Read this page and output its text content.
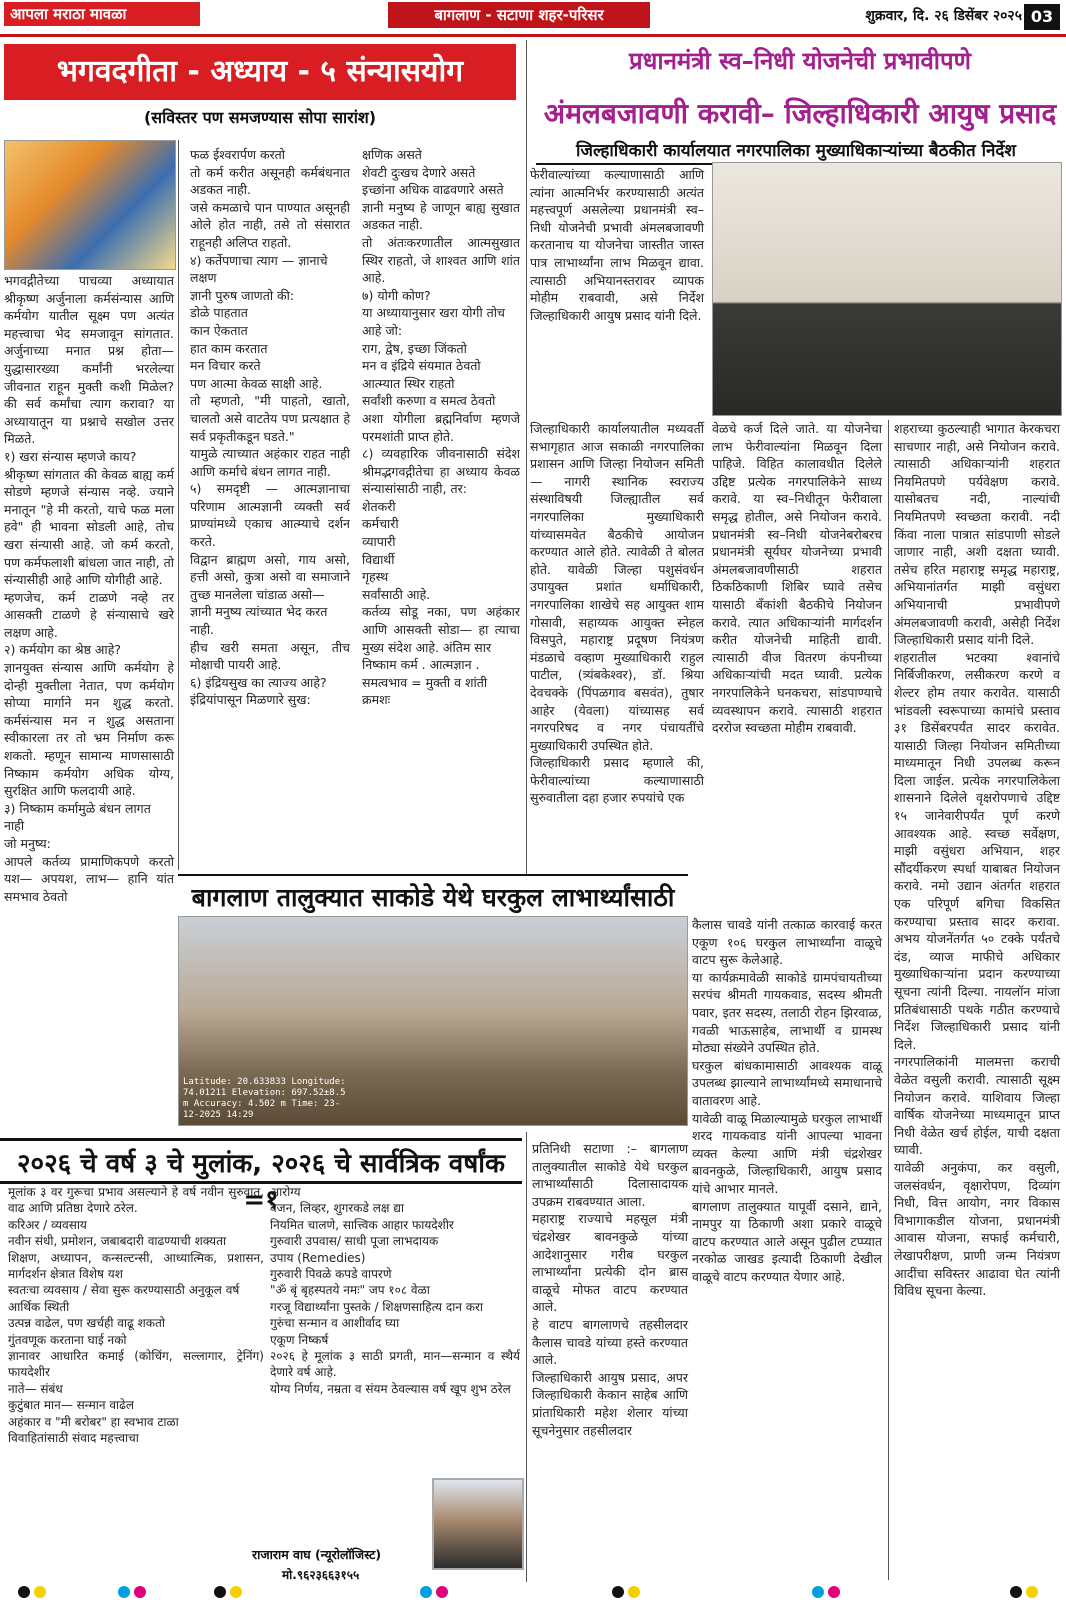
आपला मराठा मावळा	बागलाण - सटाणा शहर-परिसर	शुक्रवार, दि. २६ डिसेंबर २०२५ 03
भगवदगीता - अध्याय - ५ संन्यासयोग
(सविस्तर पण समजण्यास सोपा सारांश)

भगवद्गीतेच्या पाचव्या अध्यायात श्रीकृष्ण अर्जुनाला कर्मसंन्यास आणि कर्मयोग यातील सूक्ष्म पण अत्यंत महत्त्वाचा भेद समजावून सांगतात. अर्जुनाच्या मनात प्रश्न होता— युद्धासारख्या कर्मांनी भरलेल्या जीवनात राहून मुक्ती कशी मिळेल? की सर्व कर्मांचा त्याग करावा? या अध्यायातून या प्रश्नाचे सखोल उत्तर मिळते.

१) खरा संन्यास म्हणजे काय?

श्रीकृष्ण सांगतात की केवळ बाह्य कर्म सोडणे म्हणजे संन्यास नव्हे. ज्याने मनातून "हे मी करतो, याचे फळ मला हवे" ही भावना सोडली आहे, तोच खरा संन्यासी आहे. जो कर्म करतो, पण कर्मफलाशी बांधला जात नाही, तो संन्यासीही आहे आणि योगीही आहे.

म्हणजेच, कर्म टाळणे नव्हे तर आसक्ती टाळणे हे संन्यासाचे खरे लक्षण आहे.

२) कर्मयोग का श्रेष्ठ आहे?

ज्ञानयुक्त संन्यास आणि कर्मयोग हे दोन्ही मुक्तीला नेतात, पण कर्मयोग सोप्या मार्गाने मन शुद्ध करतो. कर्मसंन्यास मन न शुद्ध असताना स्वीकारला तर तो भ्रम निर्माण करू शकतो. म्हणून सामान्य माणसासाठी निष्काम कर्मयोग अधिक योग्य, सुरक्षित आणि फलदायी आहे.

३) निष्काम कर्मामुळे बंधन लागत नाही

जो मनुष्य:

आपले कर्तव्य प्रामाणिकपणे करतो यश— अपयश, लाभ— हानि यांत समभाव ठेवतो

फळ ईश्वरार्पण करतो

तो कर्म करीत असूनही कर्मबंधनात अडकत नाही.

जसे कमळाचे पान पाण्यात असूनही ओले होत नाही, तसे तो संसारात राहूनही अलिप्त राहतो.

४) कर्तेपणाचा त्याग — ज्ञानाचे लक्षण

ज्ञानी पुरुष जाणतो की:

डोळे पाहतात

कान ऐकतात

हात काम करतात

मन विचार करते

पण आत्मा केवळ साक्षी आहे.

तो म्हणतो, "मी पाहतो, खातो, चालतो असे वाटतेय पण प्रत्यक्षात हे सर्व प्रकृतीकडून घडते."

यामुळे त्याच्यात अहंकार राहत नाही आणि कर्माचे बंधन लागत नाही.

५) समदृष्टी — आत्मज्ञानाचा परिणाम आत्मज्ञानी व्यक्ती सर्व प्राण्यांमध्ये एकाच आत्म्याचे दर्शन करते.

विद्वान ब्राह्मण असो, गाय असो, हत्ती असो, कुत्रा असो वा समाजाने तुच्छ मानलेला चांडाळ असो—

ज्ञानी मनुष्य त्यांच्यात भेद करत नाही.

हीच खरी समता असून, तीच मोक्षाची पायरी आहे.

६) इंद्रियसुख का त्याज्य आहे?

इंद्रियांपासून मिळणारे सुख:

क्षणिक असते

शेवटी दुःखच देणारे असते

इच्छांना अधिक वाढवणारे असते

ज्ञानी मनुष्य हे जाणून बाह्य सुखात अडकत नाही.

तो अंतःकरणातील आत्मसुखात स्थिर राहतो, जे शाश्वत आणि शांत आहे.

७) योगी कोण?

या अध्यायानुसार खरा योगी तोच आहे जो:

राग, द्वेष, इच्छा जिंकतो

मन व इंद्रिये संयमात ठेवतो

आत्म्यात स्थिर राहतो

सर्वांशी करुणा व समत्व ठेवतो

अशा योगीला ब्रह्मनिर्वाण म्हणजे परमशांती प्राप्त होते.

८) व्यवहारिक जीवनासाठी संदेश श्रीमद्भगवद्गीतेचा हा अध्याय केवळ संन्यासांसाठी नाही, तर:

शेतकरी

कर्मचारी

व्यापारी

विद्यार्थी

गृहस्थ

सर्वांसाठी आहे.

कर्तव्य सोडू नका, पण अहंकार आणि आसक्ती सोडा— हा त्याचा मुख्य संदेश आहे. अंतिम सार

निष्काम कर्म . आत्मज्ञान . समत्वभाव = मुक्ती व शांती

क्रमशः

प्रधानमंत्री स्व–निधी योजनेची प्रभावीपणे
अंमलबजावणी करावी– जिल्हाधिकारी आयुष प्रसाद
जिल्हाधिकारी कार्यालयात नगरपालिका मुख्याधिकाऱ्यांच्या बैठकीत निर्देश

फेरीवाल्यांच्या कल्याणासाठी आणि त्यांना आत्मनिर्भर करण्यासाठी अत्यंत महत्त्वपूर्ण असलेल्या प्रधानमंत्री स्व–निधी योजनेची प्रभावी अंमलबजावणी करतानाच या योजनेचा जास्तीत जास्त पात्र लाभार्थ्यांना लाभ मिळवून द्यावा. त्यासाठी अभियानस्तरावर व्यापक मोहीम राबवावी, असे निर्देश जिल्हाधिकारी आयुष प्रसाद यांनी दिले.

जिल्हाधिकारी कार्यालयातील मध्यवर्ती सभागृहात आज सकाळी नगरपालिका प्रशासन आणि जिल्हा नियोजन समिती— नागरी स्थानिक स्वराज्य संस्थाविषयी जिल्ह्यातील सर्व नगरपालिका मुख्याधिकारी यांच्यासमवेत बैठकीचे आयोजन करण्यात आले होते. त्यावेळी ते बोलत होते. यावेळी जिल्हा पशुसंवर्धन उपायुक्त प्रशांत धर्माधिकारी, नगरपालिका शाखेचे सह आयुक्त शाम गोसावी, सहाय्यक आयुक्त स्नेहल विसपुते, महाराष्ट्र प्रदूषण नियंत्रण मंडळाचे वव्हाण मुख्याधिकारी राहुल पाटील, (त्र्यंबकेश्वर), डॉ. श्रिया देवचक्के (पिंपळगाव बसवंत), तुषार आहेर (येवला) यांच्यासह सर्व नगरपरिषद व नगर पंचायतींचे मुख्याधिकारी उपस्थित होते.

जिल्हाधिकारी प्रसाद म्हणाले की, फेरीवाल्यांच्या कल्याणासाठी सुरुवातीला दहा हजार रुपयांचे एक

वेळचे कर्ज दिले जाते. या योजनेचा लाभ फेरीवाल्यांना मिळवून दिला पाहिजे. विहित कालावधीत दिलेले उद्दिष्ट प्रत्येक नगरपालिकेने साध्य करावे. या स्व–निधीतून फेरीवाला समृद्ध होतील, असे नियोजन करावे. प्रधानमंत्री स्व–निधी योजनेबरोबरच प्रधानमंत्री सूर्यघर योजनेच्या प्रभावी अंमलबजावणीसाठी शहरात ठिकठिकाणी शिबिर घ्यावे तसेच यासाठी बँकांशी बैठकीचे नियोजन करावे. त्यात अधिकाऱ्यांनी मार्गदर्शन करीत योजनेची माहिती द्यावी. त्यासाठी वीज वितरण कंपनीच्या अधिकाऱ्यांची मदत घ्यावी. प्रत्येक नगरपालिकेने घनकचरा, सांडपाण्याचे व्यवस्थापन करावे. त्यासाठी शहरात दररोज स्वच्छता मोहीम राबवावी.

शहराच्या कुठल्याही भागात केरकचरा साचणार नाही, असे नियोजन करावे. त्यासाठी अधिकाऱ्यांनी शहरात नियमितपणे पर्यवेक्षण करावे. यासोबतच नदी, नाल्यांची नियमितपणे स्वच्छता करावी. नदी किंवा नाला पात्रात सांडपाणी सोडले जाणार नाही, अशी दक्षता घ्यावी. तसेच हरित महाराष्ट्र समृद्ध महाराष्ट्र, अभियानांतर्गत माझी वसुंधरा अभियानाची प्रभावीपणे अंमलबजावणी करावी, असेही निर्देश जिल्हाधिकारी प्रसाद यांनी दिले.

शहरातील भटक्या श्वानांचे निर्बिजीकरण, लसीकरण करणे व शेल्टर होम तयार करावेत. यासाठी भांडवली स्वरूपाच्या कामांचे प्रस्ताव ३१ डिसेंबरपर्यंत सादर करावेत. यासाठी जिल्हा नियोजन समितीच्या माध्यमातून निधी उपलब्ध करून दिला जाईल. प्रत्येक नगरपालिकेला शासनाने दिलेले वृक्षरोपणाचे उद्दिष्ट १५ जानेवारीपर्यंत पूर्ण करणे आवश्यक आहे. स्वच्छ सर्वेक्षण, माझी वसुंधरा अभियान, शहर सौंदर्यीकरण स्पर्धा याबाबत नियोजन करावे. नमो उद्यान अंतर्गत शहरात एक परिपूर्ण बगिचा विकसित करण्याचा प्रस्ताव सादर करावा. अभय योजनेंतर्गत ५० टक्के पर्यंतचे दंड, व्याज माफीचे अधिकार मुख्याधिकाऱ्यांना प्रदान करण्याच्या सूचना त्यांनी दिल्या. नायलॉन मांजा प्रतिबंधासाठी पथके गठीत करण्याचे निर्देश जिल्हाधिकारी प्रसाद यांनी दिले.

नगरपालिकांनी मालमत्ता कराची वेळेत वसुली करावी. त्यासाठी सूक्ष्म नियोजन करावे. याशिवाय जिल्हा वार्षिक योजनेच्या माध्यमातून प्राप्त निधी वेळेत खर्च होईल, याची दक्षता घ्यावी.

यावेळी अनुकंपा, कर वसुली, जलसंवर्धन, वृक्षारोपण, दिव्यांग निधी, वित्त आयोग, नगर विकास विभागाकडील योजना, प्रधानमंत्री आवास योजना, सफाई कर्मचारी, लेखापरीक्षण, प्राणी जन्म नियंत्रण आदींचा सविस्तर आढावा घेत त्यांनी विविध सूचना केल्या.

बागलाण तालुक्यात साकोडे येथे घरकुल लाभार्थ्यांसाठी
Latitude: 20.633833 Longitude: 74.01211 Elevation: 697.52±8.5 m Accuracy: 4.502 m Time: 23-12-2025 14:29

कैलास चावडे यांनी तत्काळ कारवाई करत एकूण १०६ घरकुल लाभार्थ्यांना वाळूचे वाटप सुरू केलेआहे.

या कार्यक्रमावेळी साकोडे ग्रामपंचायतीच्या सरपंच श्रीमती गायकवाड, सदस्य श्रीमती पवार, इतर सदस्य, तलाठी रोहन झिरवाळ, गवळी भाऊसाहेब, लाभार्थी व ग्रामस्थ मोठ्या संख्येने उपस्थित होते.

घरकुल बांधकामासाठी आवश्यक वाळू उपलब्ध झाल्याने लाभार्थ्यांमध्ये समाधानाचे वातावरण आहे.

यावेळी वाळू मिळाल्यामुळे घरकुल लाभार्थी शरद गायकवाड यांनी आपल्या भावना व्यक्त केल्या आणि मंत्री चंद्रशेखर बावनकुळे, जिल्हाधिकारी, आयुष प्रसाद यांचे आभार मानले.

बागलाण तालुक्यात यापूर्वी दसाने, द्याने, नामपुर या ठिकाणी अशा प्रकारे वाळूचे वाटप करण्यात आले असून पुढील टप्प्यात नरकोळ जाखड इत्यादी ठिकाणी देखील वाळूचे वाटप करण्यात येणार आहे.

प्रतिनिधी सटाणा :– बागलाण तालुक्यातील साकोडे येथे घरकुल लाभार्थ्यांसाठी दिलासादायक उपक्रम राबवण्यात आला.

महाराष्ट्र राज्याचे महसूल मंत्री चंद्रशेखर बावनकुळे यांच्या आदेशानुसार गरीब घरकुल लाभार्थ्यांना प्रत्येकी दोन ब्रास वाळूचे मोफत वाटप करण्यात आले.

हे वाटप बागलाणचे तहसीलदार कैलास चावडे यांच्या हस्ते करण्यात आले.

जिल्हाधिकारी आयुष प्रसाद, अपर जिल्हाधिकारी केकान साहेब आणि प्रांताधिकारी महेश शेलार यांच्या सूचनेनुसार तहसीलदार

२०२६ चे वर्ष ३ चे मुलांक, २०२६ चे सार्वत्रिक वर्षांक =१

मूलांक ३ वर गुरूचा प्रभाव असल्याने हे वर्ष नवीन सुरुवात, वाढ आणि प्रतिष्ठा देणारे ठरेल.

करिअर / व्यवसाय

नवीन संधी, प्रमोशन, जबाबदारी वाढण्याची शक्यता

शिक्षण, अध्यापन, कन्सल्टन्सी, आध्यात्मिक, प्रशासन, मार्गदर्शन क्षेत्रात विशेष यश

स्वतःचा व्यवसाय / सेवा सुरू करण्यासाठी अनुकूल वर्ष

आर्थिक स्थिती

उत्पन्न वाढेल, पण खर्चही वाढू शकतो

गुंतवणूक करताना घाई नको

ज्ञानावर आधारित कमाई (कोचिंग, सल्लागार, ट्रेनिंग) फायदेशीर

नाते— संबंध

कुटुंबात मान— सन्मान वाढेल

अहंकार व "मी बरोबर" हा स्वभाव टाळा

विवाहितांसाठी संवाद महत्त्वाचा

आरोग्य

वजन, लिव्हर, शुगरकडे लक्ष द्या

नियमित चालणे, सात्त्विक आहार फायदेशीर

गुरुवारी उपवास/ साधी पूजा लाभदायक

उपाय (Remedies)

गुरुवारी पिवळे कपडे वापरणे

"ॐ बृं बृहस्पतये नमः" जप १०८ वेळा

गरजू विद्यार्थ्यांना पुस्तके / शिक्षणसाहित्य दान करा

गुरुंचा सन्मान व आशीर्वाद घ्या

एकूण निष्कर्ष

२०२६ हे मूलांक ३ साठी प्रगती, मान—सन्मान व स्थैर्य देणारे वर्ष आहे.

योग्य निर्णय, नम्रता व संयम ठेवल्यास वर्ष खूप शुभ ठरेल

राजाराम वाघ (न्यूरोलॉजिस्ट)
मो.९६२३६६३१५५
